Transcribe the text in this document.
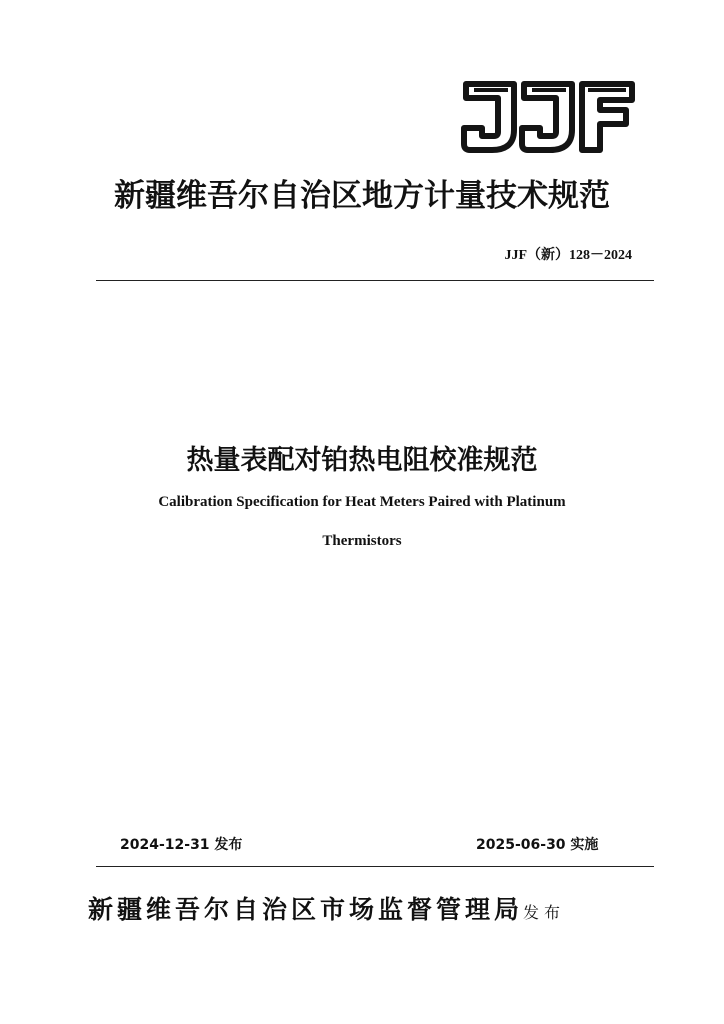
新疆维吾尔自治区地方计量技术规范
JJF（新）128－2024
热量表配对铂热电阻校准规范
Calibration Specification for Heat Meters Paired with Platinum
Thermistors
2024-12-31 发布	2025-06-30 实施
新疆维吾尔自治区市场监督管理局发布
